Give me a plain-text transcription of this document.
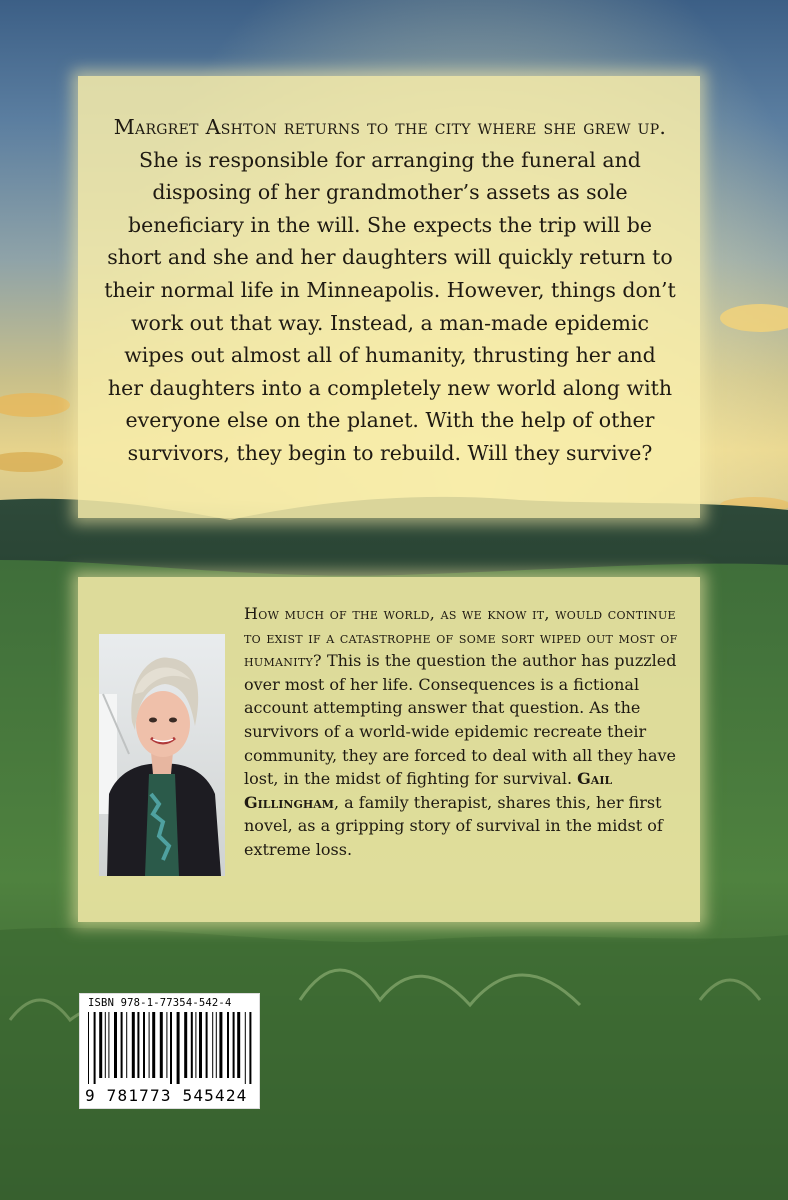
Margret Ashton returns to the city where she grew up. She is responsible for arranging the funeral and disposing of her grandmother’s assets as sole beneficiary in the will. She expects the trip will be short and she and her daughters will quickly return to their normal life in Minneapolis. However, things don’t work out that way. Instead, a man-made epidemic wipes out almost all of humanity, thrusting her and her daughters into a completely new world along with everyone else on the planet. With the help of other survivors, they begin to rebuild. Will they survive?
How much of the world, as we know it, would continue to exist if a catastrophe of some sort wiped out most of humanity? This is the question the author has puzzled over most of her life. Consequences is a fictional account attempting answer that question. As the survivors of a world-wide epidemic recreate their community, they are forced to deal with all they have lost, in the midst of fighting for survival. Gail Gillingham, a family therapist, shares this, her first novel, as a gripping story of survival in the midst of extreme loss.
ISBN 978-1-77354-542-4
9 781773 545424
